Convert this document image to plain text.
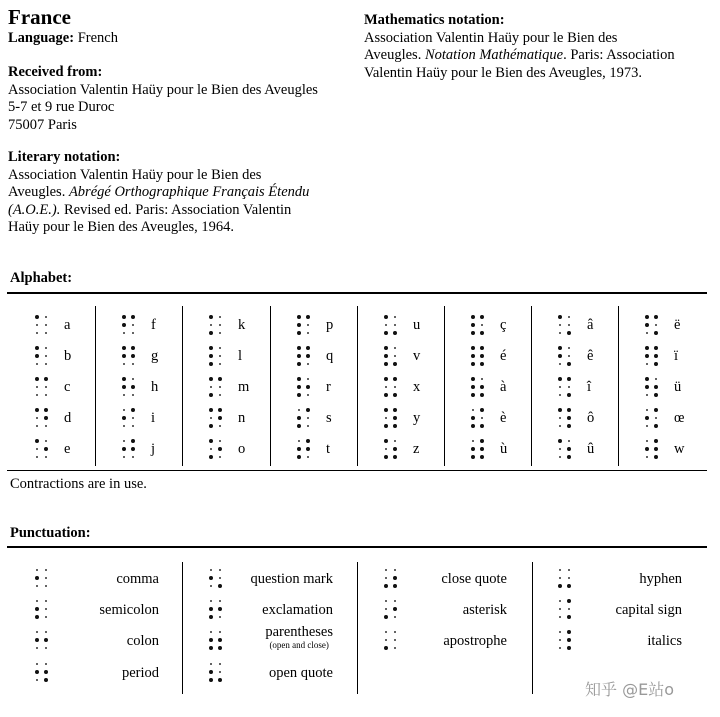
France
Language: French
Received from:
Association Valentin Haüy pour le Bien des Aveugles
5-7 et 9 rue Duroc
75007 Paris
Literary notation:
Association Valentin Haüy pour le Bien des
Aveugles. Abrégé Orthographique Français Étendu
(A.O.E.). Revised ed. Paris: Association Valentin
Haüy pour le Bien des Aveugles, 1964.
Mathematics notation:
Association Valentin Haüy pour le Bien des
Aveugles. Notation Mathématique. Paris: Association
Valentin Haüy pour le Bien des Aveugles, 1973.
Alphabet:
a
b
c
d
e
f
g
h
i
j
k
l
m
n
o
p
q
r
s
t
u
v
x
y
z
ç
é
à
è
ù
â
ê
î
ô
û
ë
ï
ü
œ
w
Contractions are in use.
Punctuation:
comma
semicolon
colon
period
question mark
exclamation
parentheses
(open and close)
open quote
close quote
asterisk
apostrophe
hyphen
capital sign
italics
知乎 @E站o
